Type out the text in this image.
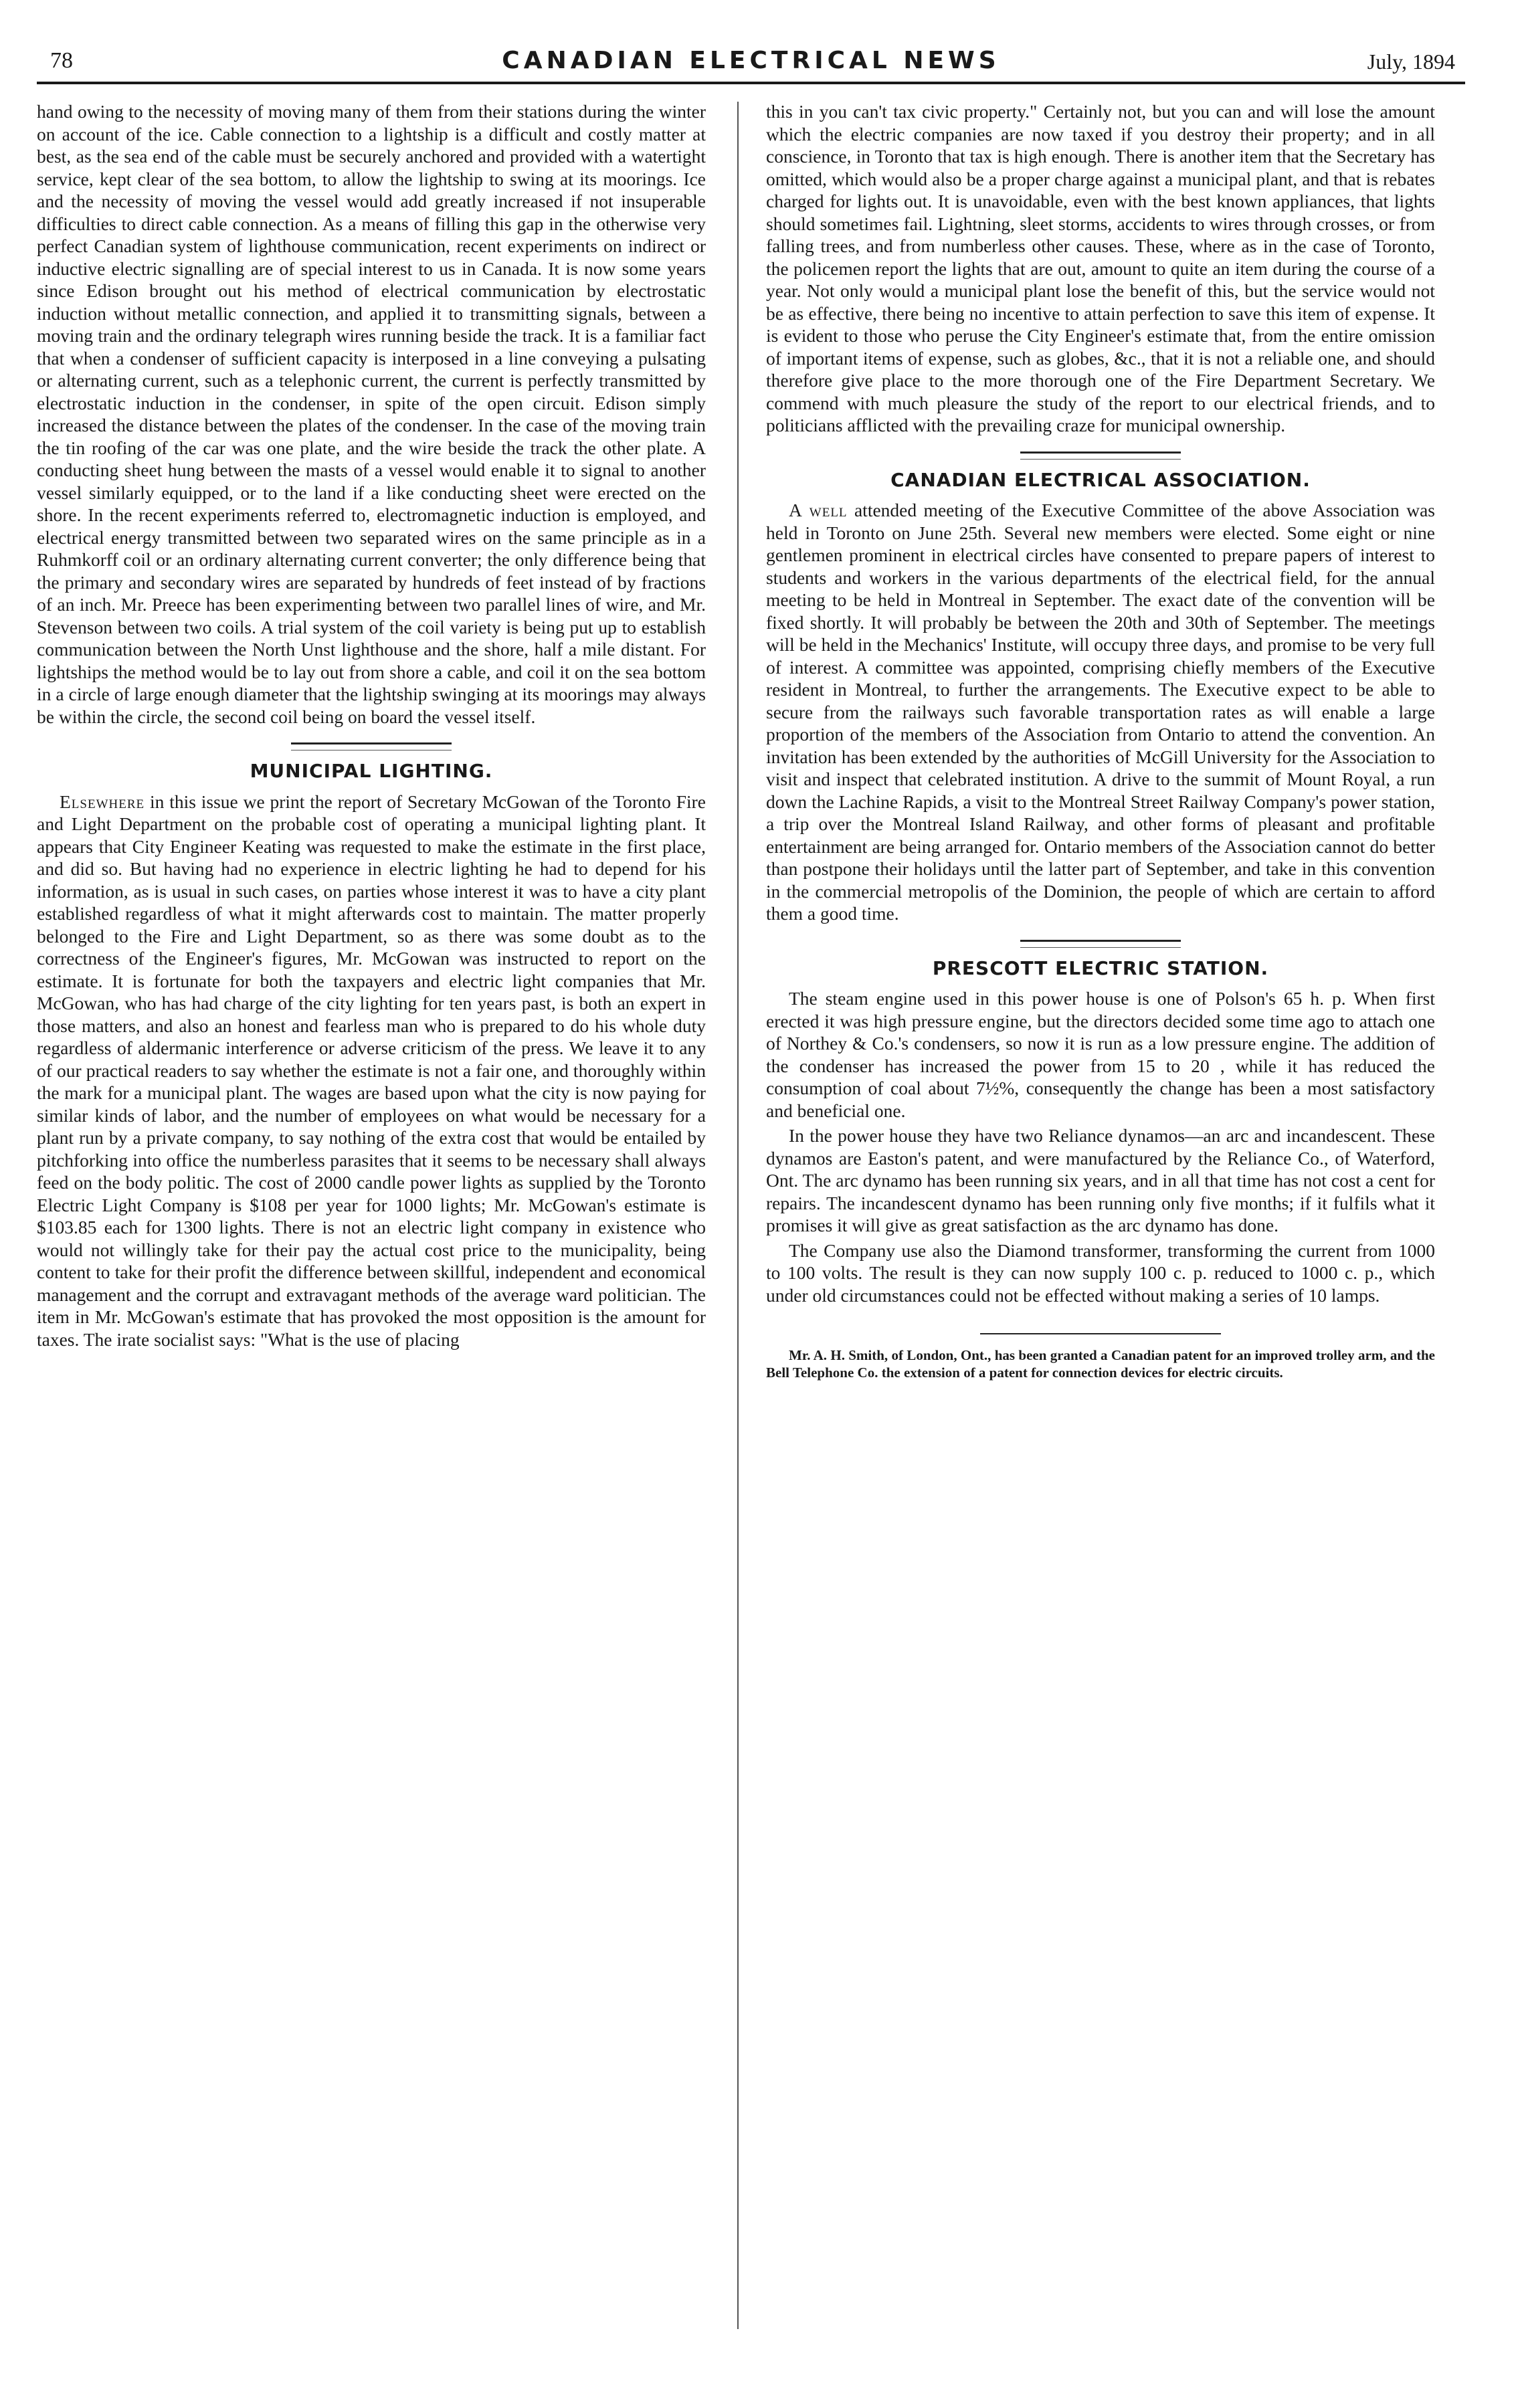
78	CANADIAN ELECTRICAL NEWS	July, 1894

hand owing to the necessity of moving many of them from their stations during the winter on account of the ice. Cable connection to a lightship is a difficult and costly matter at best, as the sea end of the cable must be securely anchored and provided with a watertight service, kept clear of the sea bottom, to allow the lightship to swing at its moorings. Ice and the necessity of moving the vessel would add greatly increased if not insuperable difficulties to direct cable connection. As a means of filling this gap in the otherwise very perfect Canadian system of lighthouse communication, recent experiments on indirect or inductive electric signalling are of special interest to us in Canada. It is now some years since Edison brought out his method of electrical communication by electrostatic induction without metallic connection, and applied it to transmitting signals, between a moving train and the ordinary telegraph wires running beside the track. It is a familiar fact that when a condenser of sufficient capacity is interposed in a line conveying a pulsating or alternating current, such as a telephonic current, the current is perfectly transmitted by electrostatic induction in the condenser, in spite of the open circuit. Edison simply increased the distance between the plates of the condenser. In the case of the moving train the tin roofing of the car was one plate, and the wire beside the track the other plate. A conducting sheet hung between the masts of a vessel would enable it to signal to another vessel similarly equipped, or to the land if a like conducting sheet were erected on the shore. In the recent experiments referred to, electromagnetic induction is employed, and electrical energy transmitted between two separated wires on the same principle as in a Ruhmkorff coil or an ordinary alternating current converter; the only difference being that the primary and secondary wires are separated by hundreds of feet instead of by fractions of an inch. Mr. Preece has been experimenting between two parallel lines of wire, and Mr. Stevenson between two coils. A trial system of the coil variety is being put up to establish communication between the North Unst lighthouse and the shore, half a mile distant. For lightships the method would be to lay out from shore a cable, and coil it on the sea bottom in a circle of large enough diameter that the lightship swinging at its moorings may always be within the circle, the second coil being on board the vessel itself.

MUNICIPAL LIGHTING.

Elsewhere in this issue we print the report of Secretary McGowan of the Toronto Fire and Light Department on the probable cost of operating a municipal lighting plant. It appears that City Engineer Keating was requested to make the estimate in the first place, and did so. But having had no experience in electric lighting he had to depend for his information, as is usual in such cases, on parties whose interest it was to have a city plant established regardless of what it might afterwards cost to maintain. The matter properly belonged to the Fire and Light Department, so as there was some doubt as to the correctness of the Engineer's figures, Mr. McGowan was instructed to report on the estimate. It is fortunate for both the taxpayers and electric light companies that Mr. McGowan, who has had charge of the city lighting for ten years past, is both an expert in those matters, and also an honest and fearless man who is prepared to do his whole duty regardless of aldermanic interference or adverse criticism of the press. We leave it to any of our practical readers to say whether the estimate is not a fair one, and thoroughly within the mark for a municipal plant. The wages are based upon what the city is now paying for similar kinds of labor, and the number of employees on what would be necessary for a plant run by a private company, to say nothing of the extra cost that would be entailed by pitchforking into office the numberless parasites that it seems to be necessary shall always feed on the body politic. The cost of 2000 candle power lights as supplied by the Toronto Electric Light Company is $108 per year for 1000 lights; Mr. McGowan's estimate is $103.85 each for 1300 lights. There is not an electric light company in existence who would not willingly take for their pay the actual cost price to the municipality, being content to take for their profit the difference between skillful, independent and economical management and the corrupt and extravagant methods of the average ward politician. The item in Mr. McGowan's estimate that has provoked the most opposition is the amount for taxes. The irate socialist says: "What is the use of placing

this in you can't tax civic property." Certainly not, but you can and will lose the amount which the electric companies are now taxed if you destroy their property; and in all conscience, in Toronto that tax is high enough. There is another item that the Secretary has omitted, which would also be a proper charge against a municipal plant, and that is rebates charged for lights out. It is unavoidable, even with the best known appliances, that lights should sometimes fail. Lightning, sleet storms, accidents to wires through crosses, or from falling trees, and from numberless other causes. These, where as in the case of Toronto, the policemen report the lights that are out, amount to quite an item during the course of a year. Not only would a municipal plant lose the benefit of this, but the service would not be as effective, there being no incentive to attain perfection to save this item of expense. It is evident to those who peruse the City Engineer's estimate that, from the entire omission of important items of expense, such as globes, &c., that it is not a reliable one, and should therefore give place to the more thorough one of the Fire Department Secretary. We commend with much pleasure the study of the report to our electrical friends, and to politicians afflicted with the prevailing craze for municipal ownership.

CANADIAN ELECTRICAL ASSOCIATION.

A well attended meeting of the Executive Committee of the above Association was held in Toronto on June 25th. Several new members were elected. Some eight or nine gentlemen prominent in electrical circles have consented to prepare papers of interest to students and workers in the various departments of the electrical field, for the annual meeting to be held in Montreal in September. The exact date of the convention will be fixed shortly. It will probably be between the 20th and 30th of September. The meetings will be held in the Mechanics' Institute, will occupy three days, and promise to be very full of interest. A committee was appointed, comprising chiefly members of the Executive resident in Montreal, to further the arrangements. The Executive expect to be able to secure from the railways such favorable transportation rates as will enable a large proportion of the members of the Association from Ontario to attend the convention. An invitation has been extended by the authorities of McGill University for the Association to visit and inspect that celebrated institution. A drive to the summit of Mount Royal, a run down the Lachine Rapids, a visit to the Montreal Street Railway Company's power station, a trip over the Montreal Island Railway, and other forms of pleasant and profitable entertainment are being arranged for. Ontario members of the Association cannot do better than postpone their holidays until the latter part of September, and take in this convention in the commercial metropolis of the Dominion, the people of which are certain to afford them a good time.

PRESCOTT ELECTRIC STATION.

The steam engine used in this power house is one of Polson's 65 h. p. When first erected it was high pressure engine, but the directors decided some time ago to attach one of Northey & Co.'s condensers, so now it is run as a low pressure engine. The addition of the condenser has increased the power from 15 to 20 , while it has reduced the consumption of coal about 7½%, consequently the change has been a most satisfactory and beneficial one.

In the power house they have two Reliance dynamos—an arc and incandescent. These dynamos are Easton's patent, and were manufactured by the Reliance Co., of Waterford, Ont. The arc dynamo has been running six years, and in all that time has not cost a cent for repairs. The incandescent dynamo has been running only five months; if it fulfils what it promises it will give as great satisfaction as the arc dynamo has done.

The Company use also the Diamond transformer, transforming the current from 1000 to 100 volts. The result is they can now supply 100 c. p. reduced to 1000 c. p., which under old circumstances could not be effected without making a series of 10 lamps.

Mr. A. H. Smith, of London, Ont., has been granted a Canadian patent for an improved trolley arm, and the Bell Telephone Co. the extension of a patent for connection devices for electric circuits.
